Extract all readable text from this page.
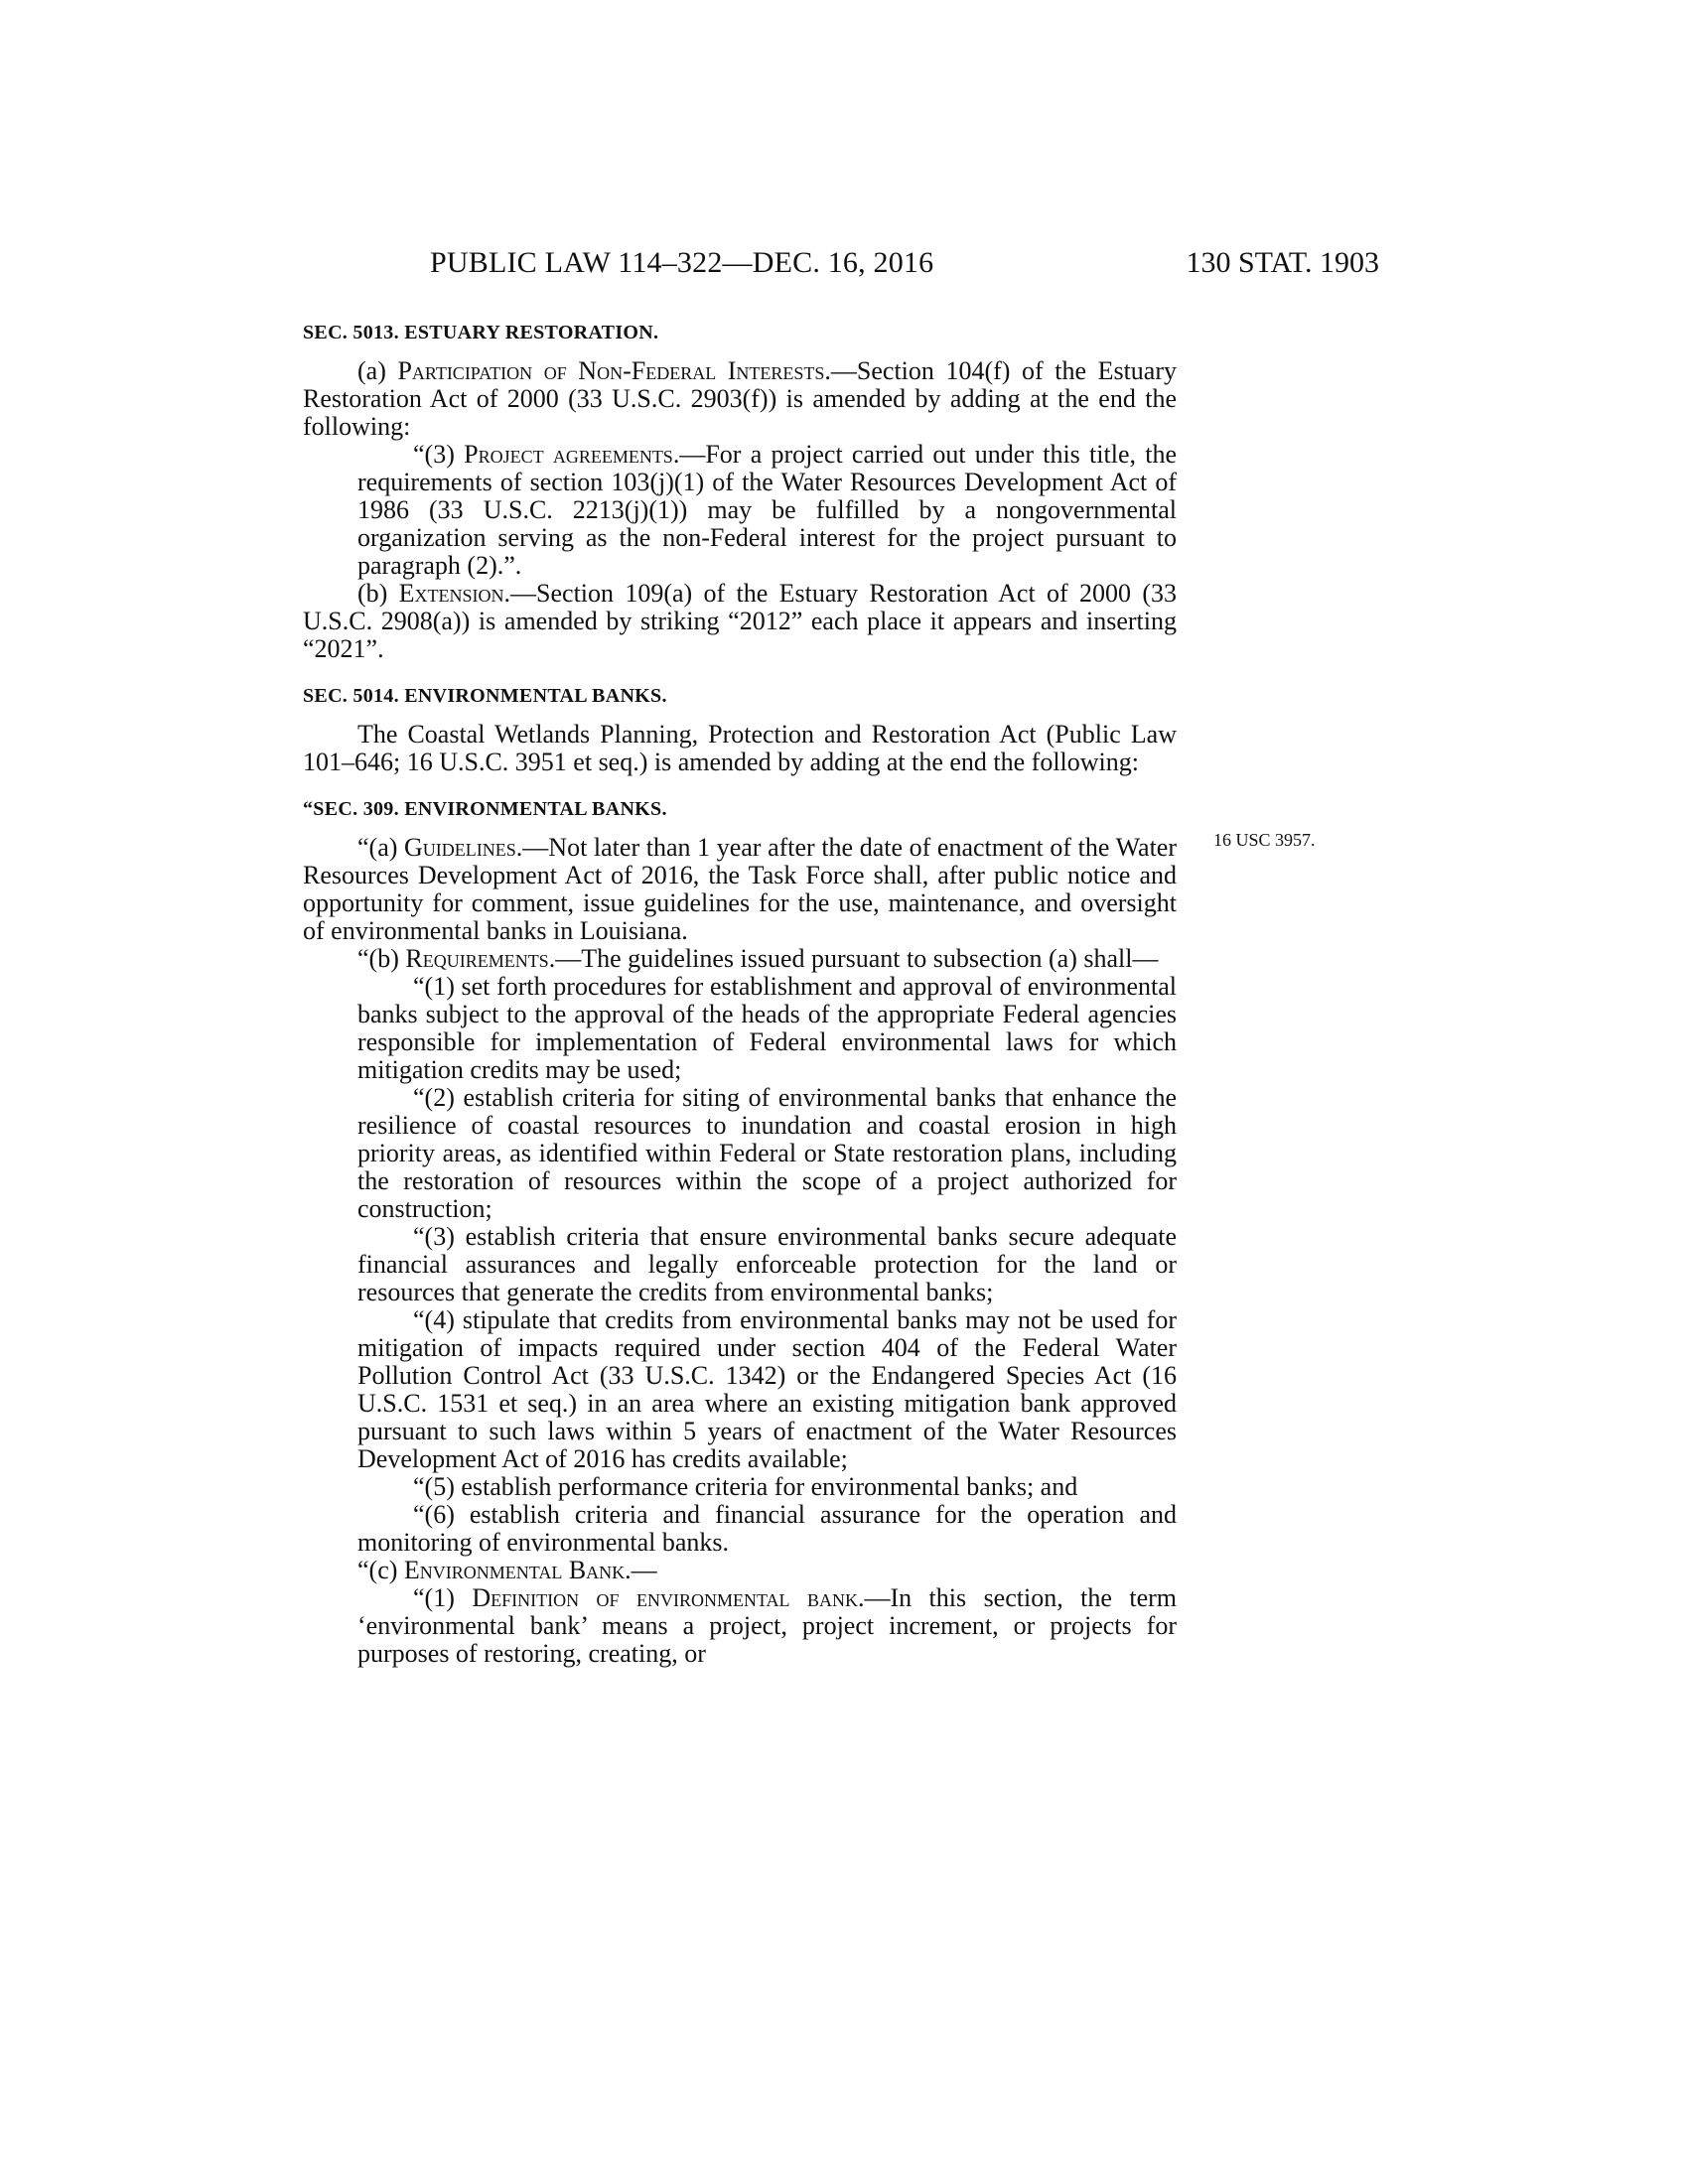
PUBLIC LAW 114–322—DEC. 16, 2016	130 STAT. 1903
16 USC 3957.
SEC. 5013. ESTUARY RESTORATION.

(a) Participation of Non-Federal Interests.—Section 104(f) of the Estuary Restoration Act of 2000 (33 U.S.C. 2903(f)) is amended by adding at the end the following:

“(3) Project agreements.—For a project carried out under this title, the requirements of section 103(j)(1) of the Water Resources Development Act of 1986 (33 U.S.C. 2213(j)(1)) may be fulfilled by a nongovernmental organization serving as the non-Federal interest for the project pursuant to paragraph (2).”.

(b) Extension.—Section 109(a) of the Estuary Restoration Act of 2000 (33 U.S.C. 2908(a)) is amended by striking “2012” each place it appears and inserting “2021”.

SEC. 5014. ENVIRONMENTAL BANKS.

The Coastal Wetlands Planning, Protection and Restoration Act (Public Law 101–646; 16 U.S.C. 3951 et seq.) is amended by adding at the end the following:

“SEC. 309. ENVIRONMENTAL BANKS.

“(a) Guidelines.—Not later than 1 year after the date of enactment of the Water Resources Development Act of 2016, the Task Force shall, after public notice and opportunity for comment, issue guidelines for the use, maintenance, and oversight of environmental banks in Louisiana.

“(b) Requirements.—The guidelines issued pursuant to subsection (a) shall—

“(1) set forth procedures for establishment and approval of environmental banks subject to the approval of the heads of the appropriate Federal agencies responsible for implementation of Federal environmental laws for which mitigation credits may be used;

“(2) establish criteria for siting of environmental banks that enhance the resilience of coastal resources to inundation and coastal erosion in high priority areas, as identified within Federal or State restoration plans, including the restoration of resources within the scope of a project authorized for construction;

“(3) establish criteria that ensure environmental banks secure adequate financial assurances and legally enforceable protection for the land or resources that generate the credits from environmental banks;

“(4) stipulate that credits from environmental banks may not be used for mitigation of impacts required under section 404 of the Federal Water Pollution Control Act (33 U.S.C. 1342) or the Endangered Species Act (16 U.S.C. 1531 et seq.) in an area where an existing mitigation bank approved pursuant to such laws within 5 years of enactment of the Water Resources Development Act of 2016 has credits available;

“(5) establish performance criteria for environmental banks; and

“(6) establish criteria and financial assurance for the operation and monitoring of environmental banks.

“(c) Environmental Bank.—

“(1) Definition of environmental bank.—In this section, the term ‘environmental bank’ means a project, project increment, or projects for purposes of restoring, creating, or
